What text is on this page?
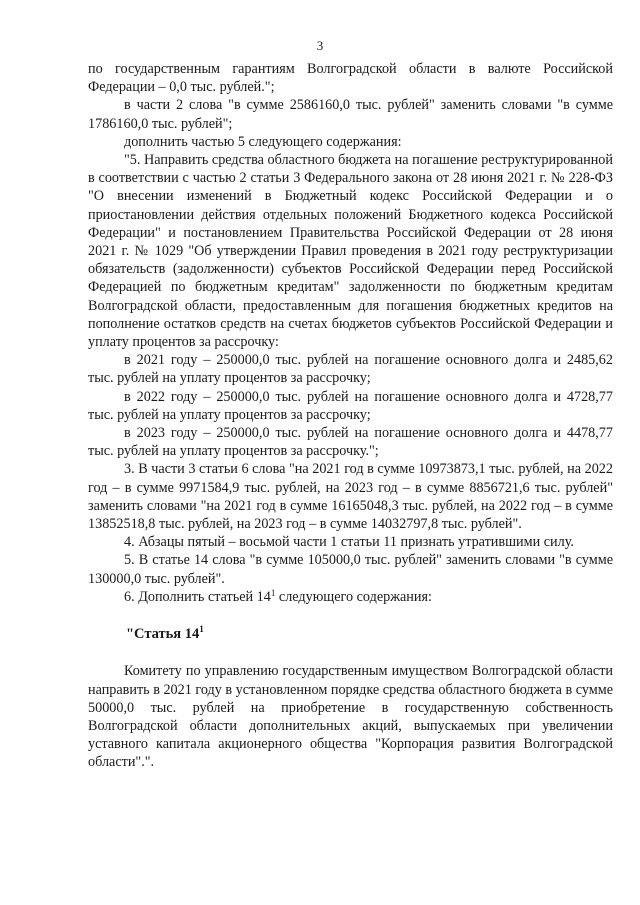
3

по государственным гарантиям Волгоградской области в валюте Российской Федерации – 0,0 тыс. рублей.";

в части 2 слова "в сумме 2586160,0 тыс. рублей" заменить словами "в сумме 1786160,0 тыс. рублей";

дополнить частью 5 следующего содержания:

"5. Направить средства областного бюджета на погашение реструктурированной в соответствии с частью 2 статьи 3 Федерального закона от 28 июня 2021 г. № 228-ФЗ "О внесении изменений в Бюджетный кодекс Российской Федерации и о приостановлении действия отдельных положений Бюджетного кодекса Российской Федерации" и постановлением Правительства Российской Федерации от 28 июня 2021 г. № 1029 "Об утверждении Правил проведения в 2021 году реструктуризации обязательств (задолженности) субъектов Российской Федерации перед Российской Федерацией по бюджетным кредитам" задолженности по бюджетным кредитам Волгоградской области, предоставленным для погашения бюджетных кредитов на пополнение остатков средств на счетах бюджетов субъектов Российской Федерации и уплату процентов за рассрочку:

в 2021 году – 250000,0 тыс. рублей на погашение основного долга и 2485,62 тыс. рублей на уплату процентов за рассрочку;

в 2022 году – 250000,0 тыс. рублей на погашение основного долга и 4728,77 тыс. рублей на уплату процентов за рассрочку;

в 2023 году – 250000,0 тыс. рублей на погашение основного долга и 4478,77 тыс. рублей на уплату процентов за рассрочку.";

3. В части 3 статьи 6 слова "на 2021 год в сумме 10973873,1 тыс. рублей, на 2022 год – в сумме 9971584,9 тыс. рублей, на 2023 год – в сумме 8856721,6 тыс. рублей" заменить словами "на 2021 год в сумме 16165048,3 тыс. рублей, на 2022 год – в сумме 13852518,8 тыс. рублей, на 2023 год – в сумме 14032797,8 тыс. рублей".

4. Абзацы пятый – восьмой части 1 статьи 11 признать утратившими силу.

5. В статье 14 слова "в сумме 105000,0 тыс. рублей" заменить словами "в сумме 130000,0 тыс. рублей".

6. Дополнить статьей $14^1$ следующего содержания:

"Статья $14^1$

Комитету по управлению государственным имуществом Волгоградской области направить в 2021 году в установленном порядке средства областного бюджета в сумме 50000,0 тыс. рублей на приобретение в государственную собственность Волгоградской области дополнительных акций, выпускаемых при увеличении уставного капитала акционерного общества "Корпорация развития Волгоградской области".".
